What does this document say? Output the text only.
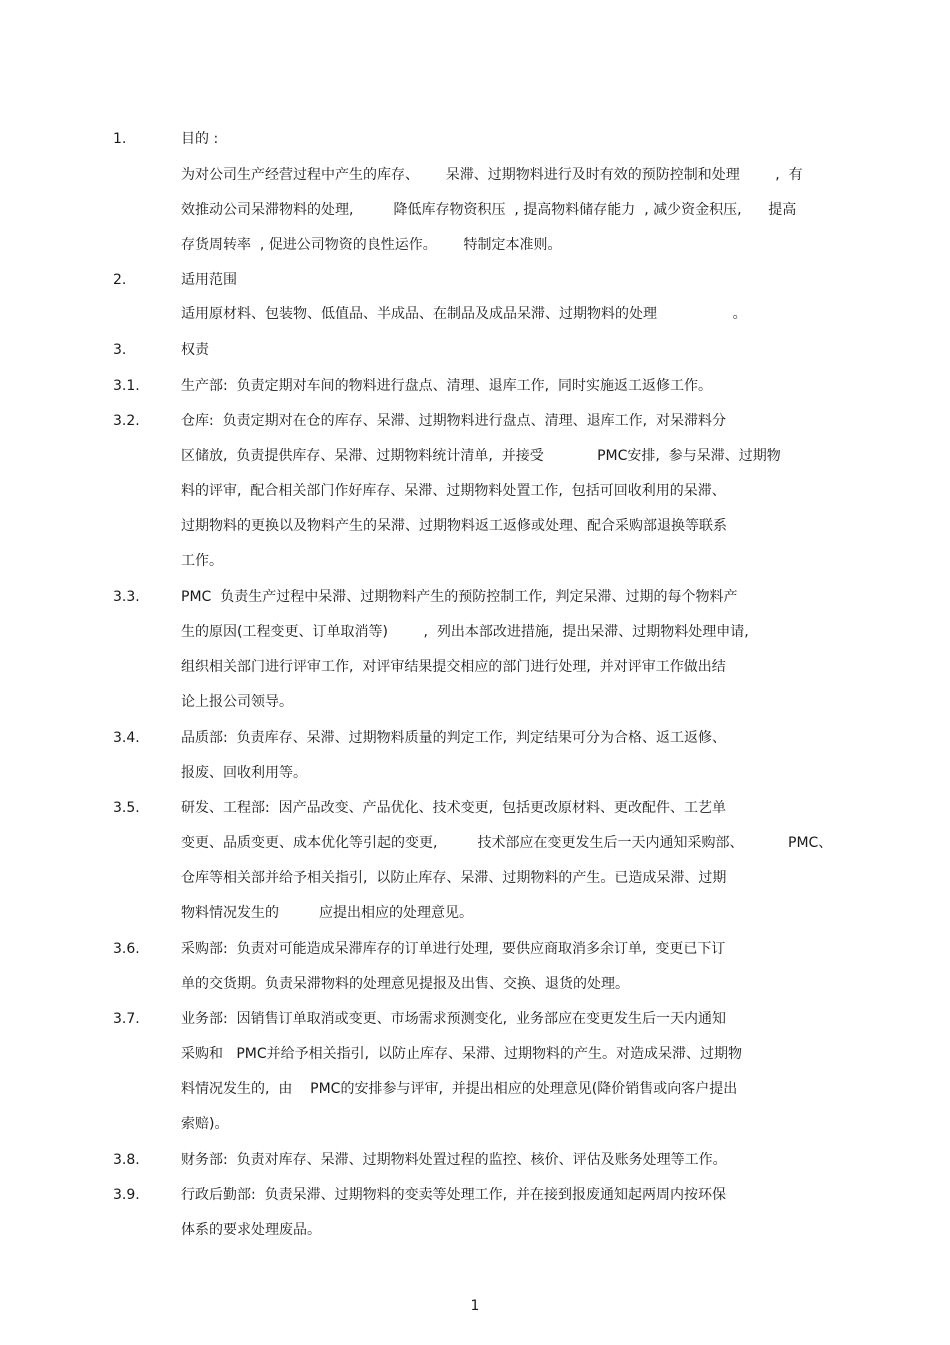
1.	目的 :
为对公司生产经营过程中产生的库存、      呆滞、过期物料进行及时有效的预防控制和处理        ,  有
效推动公司呆滞物料的处理,         降低库存物资积压  , 提高物料储存能力  , 减少资金积压,      提高
存货周转率  , 促进公司物资的良性运作。      特制定本准则。
2.	适用范围
适用原材料、包装物、低值品、半成品、在制品及成品呆滞、过期物料的处理                 。
3.	权责
3.1.	生产部:  负责定期对车间的物料进行盘点、清理、退库工作,  同时实施返工返修工作。
3.2.	仓库:  负责定期对在仓的库存、呆滞、过期物料进行盘点、清理、退库工作,  对呆滞料分
区储放,  负责提供库存、呆滞、过期物料统计清单,  并接受            PMC安排,  参与呆滞、过期物
料的评审,  配合相关部门作好库存、呆滞、过期物料处置工作,  包括可回收利用的呆滞、
过期物料的更换以及物料产生的呆滞、过期物料返工返修或处理、配合采购部退换等联系
工作。
3.3.	PMC  负责生产过程中呆滞、过期物料产生的预防控制工作,  判定呆滞、过期的每个物料产
生的原因(工程变更、订单取消等)        ,  列出本部改进措施,  提出呆滞、过期物料处理申请,
组织相关部门进行评审工作,  对评审结果提交相应的部门进行处理,  并对评审工作做出结
论上报公司领导。
3.4.	品质部:  负责库存、呆滞、过期物料质量的判定工作,  判定结果可分为合格、返工返修、
报废、回收利用等。
3.5.	研发、工程部:  因产品改变、产品优化、技术变更,  包括更改原材料、更改配件、工艺单
变更、品质变更、成本优化等引起的变更,         技术部应在变更发生后一天内通知采购部、          PMC、
仓库等相关部并给予相关指引,  以防止库存、呆滞、过期物料的产生。已造成呆滞、过期
物料情况发生的         应提出相应的处理意见。
3.6.	采购部:  负责对可能造成呆滞库存的订单进行处理,  要供应商取消多余订单,  变更已下订
单的交货期。负责呆滞物料的处理意见提报及出售、交换、退货的处理。
3.7.	业务部:  因销售订单取消或变更、市场需求预测变化,  业务部应在变更发生后一天内通知
采购和   PMC并给予相关指引,  以防止库存、呆滞、过期物料的产生。对造成呆滞、过期物
料情况发生的,  由    PMC的安排参与评审,  并提出相应的处理意见(降价销售或向客户提出
索赔)。
3.8.	财务部:  负责对库存、呆滞、过期物料处置过程的监控、核价、评估及账务处理等工作。
3.9.	行政后勤部:  负责呆滞、过期物料的变卖等处理工作,  并在接到报废通知起两周内按环保
体系的要求处理废品。
1
